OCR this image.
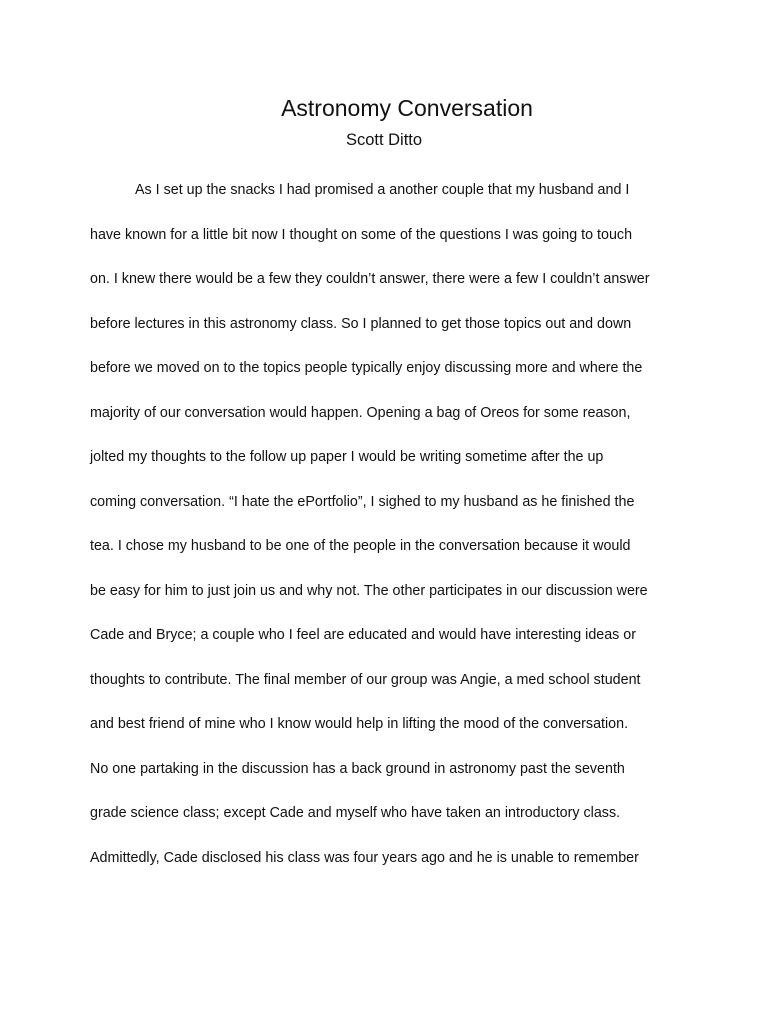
Astronomy Conversation

Scott Ditto

As I set up the snacks I had promised a another couple that my husband and I
have known for a little bit now I thought on some of the questions I was going to touch
on. I knew there would be a few they couldn’t answer, there were a few I couldn’t answer
before lectures in this astronomy class. So I planned to get those topics out and down
before we moved on to the topics people typically enjoy discussing more and where the
majority of our conversation would happen. Opening a bag of Oreos for some reason,
jolted my thoughts to the follow up paper I would be writing sometime after the up
coming conversation. “I hate the ePortfolio”, I sighed to my husband as he finished the
tea. I chose my husband to be one of the people in the conversation because it would
be easy for him to just join us and why not. The other participates in our discussion were
Cade and Bryce; a couple who I feel are educated and would have interesting ideas or
thoughts to contribute. The final member of our group was Angie, a med school student
and best friend of mine who I know would help in lifting the mood of the conversation.
No one partaking in the discussion has a back ground in astronomy past the seventh
grade science class; except Cade and myself who have taken an introductory class.
Admittedly, Cade disclosed his class was four years ago and he is unable to remember
